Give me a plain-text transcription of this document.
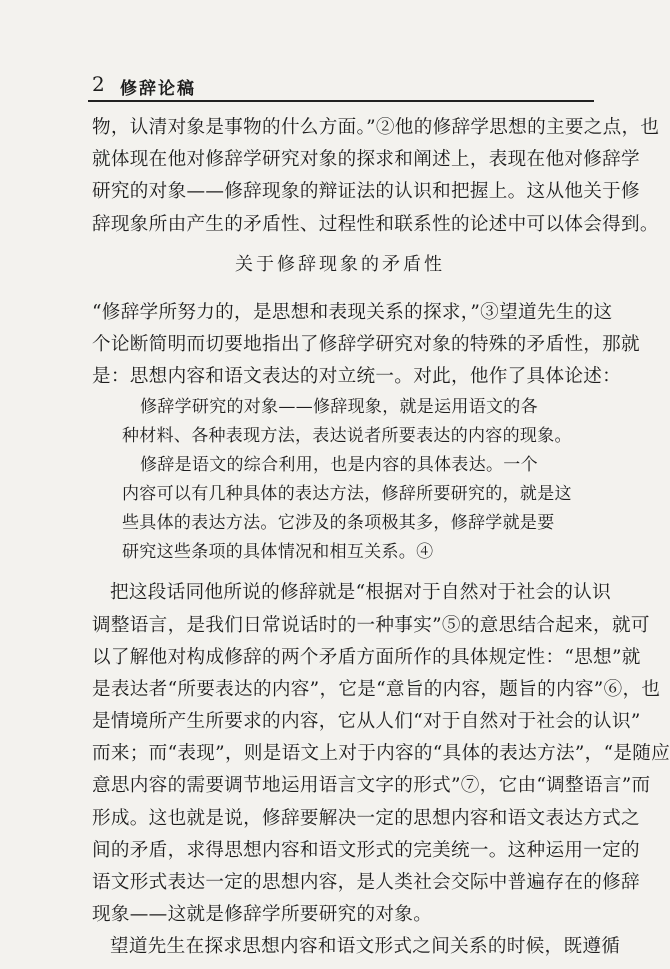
2 修辞论稿
物，认清对象是事物的什么方面。”②他的修辞学思想的主要之点，也
就体现在他对修辞学研究对象的探求和阐述上，表现在他对修辞学
研究的对象——修辞现象的辩证法的认识和把握上。这从他关于修
辞现象所由产生的矛盾性、过程性和联系性的论述中可以体会得到。
关于修辞现象的矛盾性
“修辞学所努力的，是思想和表现关系的探求，”③望道先生的这
个论断简明而切要地指出了修辞学研究对象的特殊的矛盾性，那就
是：思想内容和语文表达的对立统一。对此，他作了具体论述：
修辞学研究的对象——修辞现象，就是运用语文的各
种材料、各种表现方法，表达说者所要表达的内容的现象。
修辞是语文的综合利用，也是内容的具体表达。一个
内容可以有几种具体的表达方法，修辞所要研究的，就是这
些具体的表达方法。它涉及的条项极其多，修辞学就是要
研究这些条项的具体情况和相互关系。④
把这段话同他所说的修辞就是“根据对于自然对于社会的认识
调整语言，是我们日常说话时的一种事实”⑤的意思结合起来，就可
以了解他对构成修辞的两个矛盾方面所作的具体规定性：“思想”就
是表达者“所要表达的内容”，它是“意旨的内容，题旨的内容”⑥，也
是情境所产生所要求的内容，它从人们“对于自然对于社会的认识”
而来；而“表现”，则是语文上对于内容的“具体的表达方法”，“是随应
意思内容的需要调节地运用语言文字的形式”⑦，它由“调整语言”而
形成。这也就是说，修辞要解决一定的思想内容和语文表达方式之
间的矛盾，求得思想内容和语文形式的完美统一。这种运用一定的
语文形式表达一定的思想内容，是人类社会交际中普遍存在的修辞
现象——这就是修辞学所要研究的对象。
望道先生在探求思想内容和语文形式之间关系的时候，既遵循
